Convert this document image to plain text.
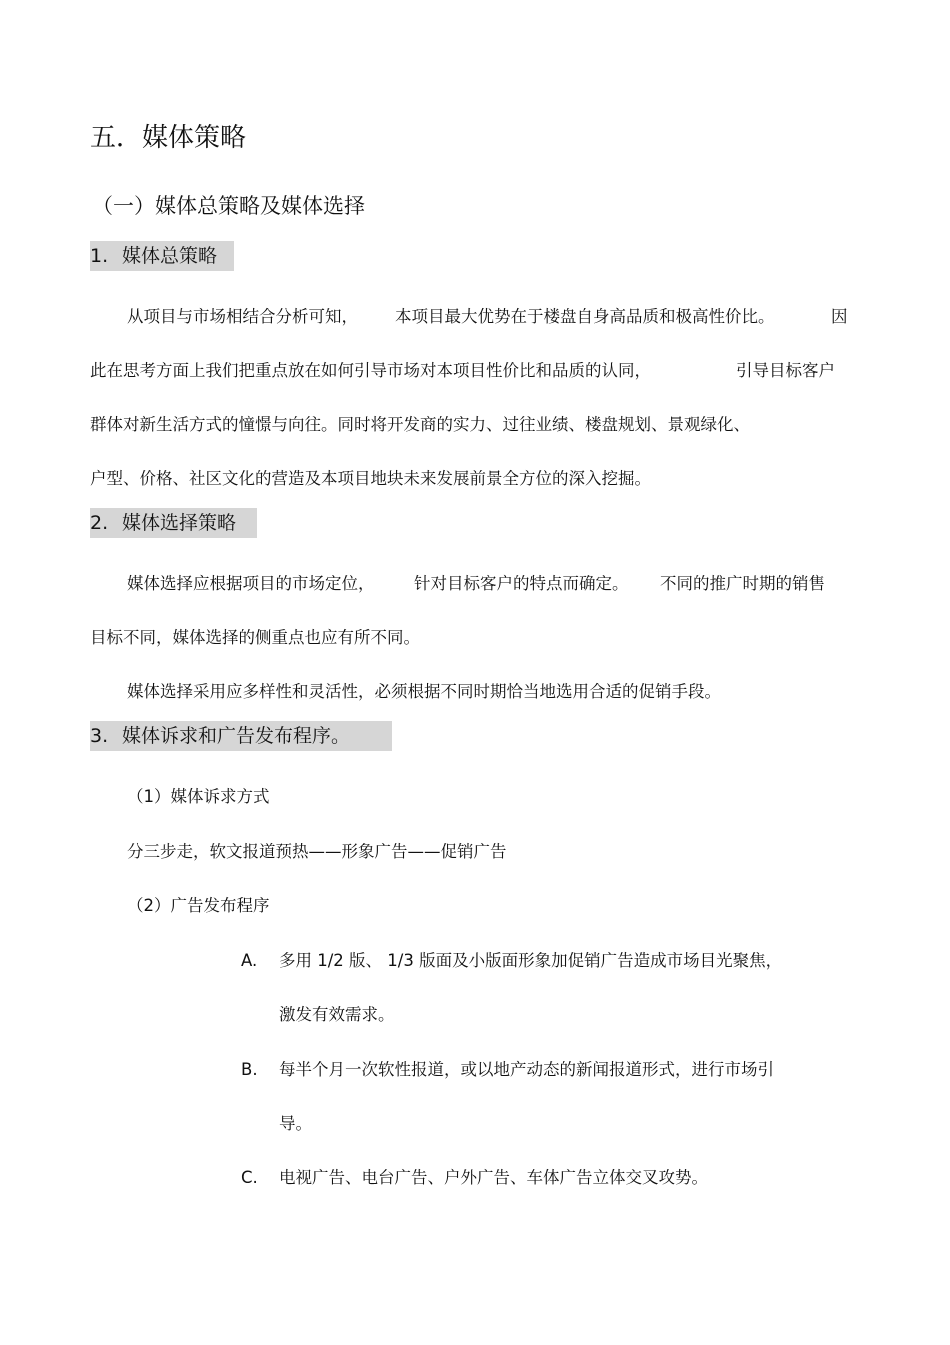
五．媒体策略
（一）媒体总策略及媒体选择
1. 媒体总策略
从项目与市场相结合分析可知， 本项目最大优势在于楼盘自身高品质和极高性价比。	因
此在思考方面上我们把重点放在如何引导市场对本项目性价比和品质的认同，	引导目标客户
群体对新生活方式的憧憬与向往。同时将开发商的实力、过往业绩、楼盘规划、景观绿化、
户型、价格、社区文化的营造及本项目地块未来发展前景全方位的深入挖掘。
2. 媒体选择策略
媒体选择应根据项目的市场定位， 针对目标客户的特点而确定。 不同的推广时期的销售
目标不同，媒体选择的侧重点也应有所不同。
媒体选择采用应多样性和灵活性，必须根据不同时期恰当地选用合适的促销手段。
3. 媒体诉求和广告发布程序。
（1）媒体诉求方式
分三步走，软文报道预热——形象广告——促销广告
（2）广告发布程序
A. 多用 1/2 版、 1/3 版面及小版面形象加促销广告造成市场目光聚焦，
激发有效需求。
B. 每半个月一次软性报道，或以地产动态的新闻报道形式，进行市场引
导。
C. 电视广告、电台广告、户外广告、车体广告立体交叉攻势。
